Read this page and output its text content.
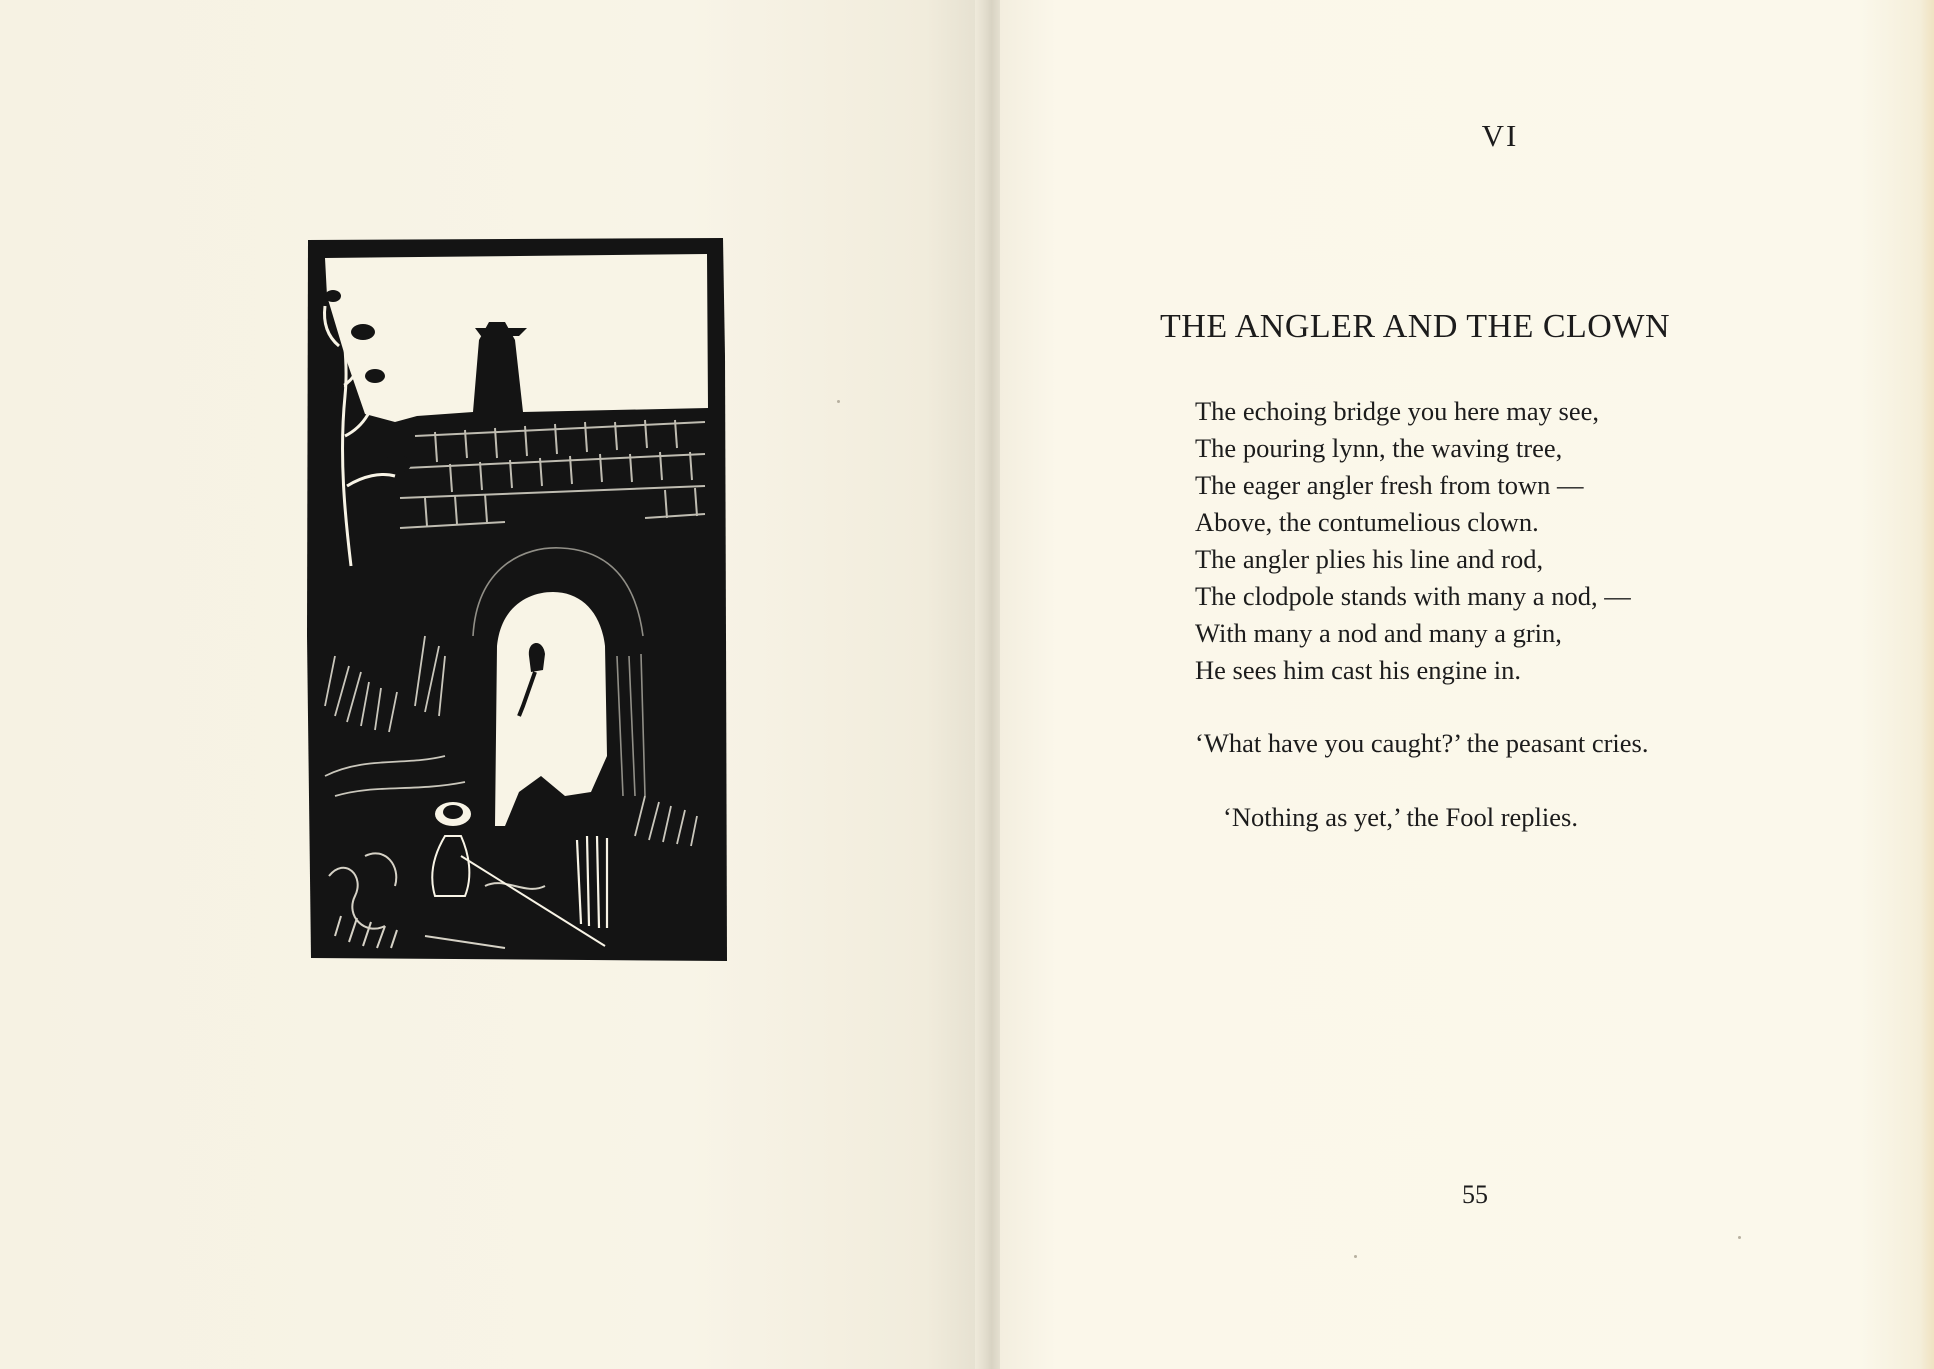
VI
THE ANGLER AND THE CLOWN
The echoing bridge you here may see,
The pouring lynn, the waving tree,
The eager angler fresh from town —
Above, the contumelious clown.
The angler plies his line and rod,
The clodpole stands with many a nod, —
With many a nod and many a grin,
He sees him cast his engine in.
‘What have you caught?’ the peasant cries.
‘Nothing as yet,’ the Fool replies.
55
